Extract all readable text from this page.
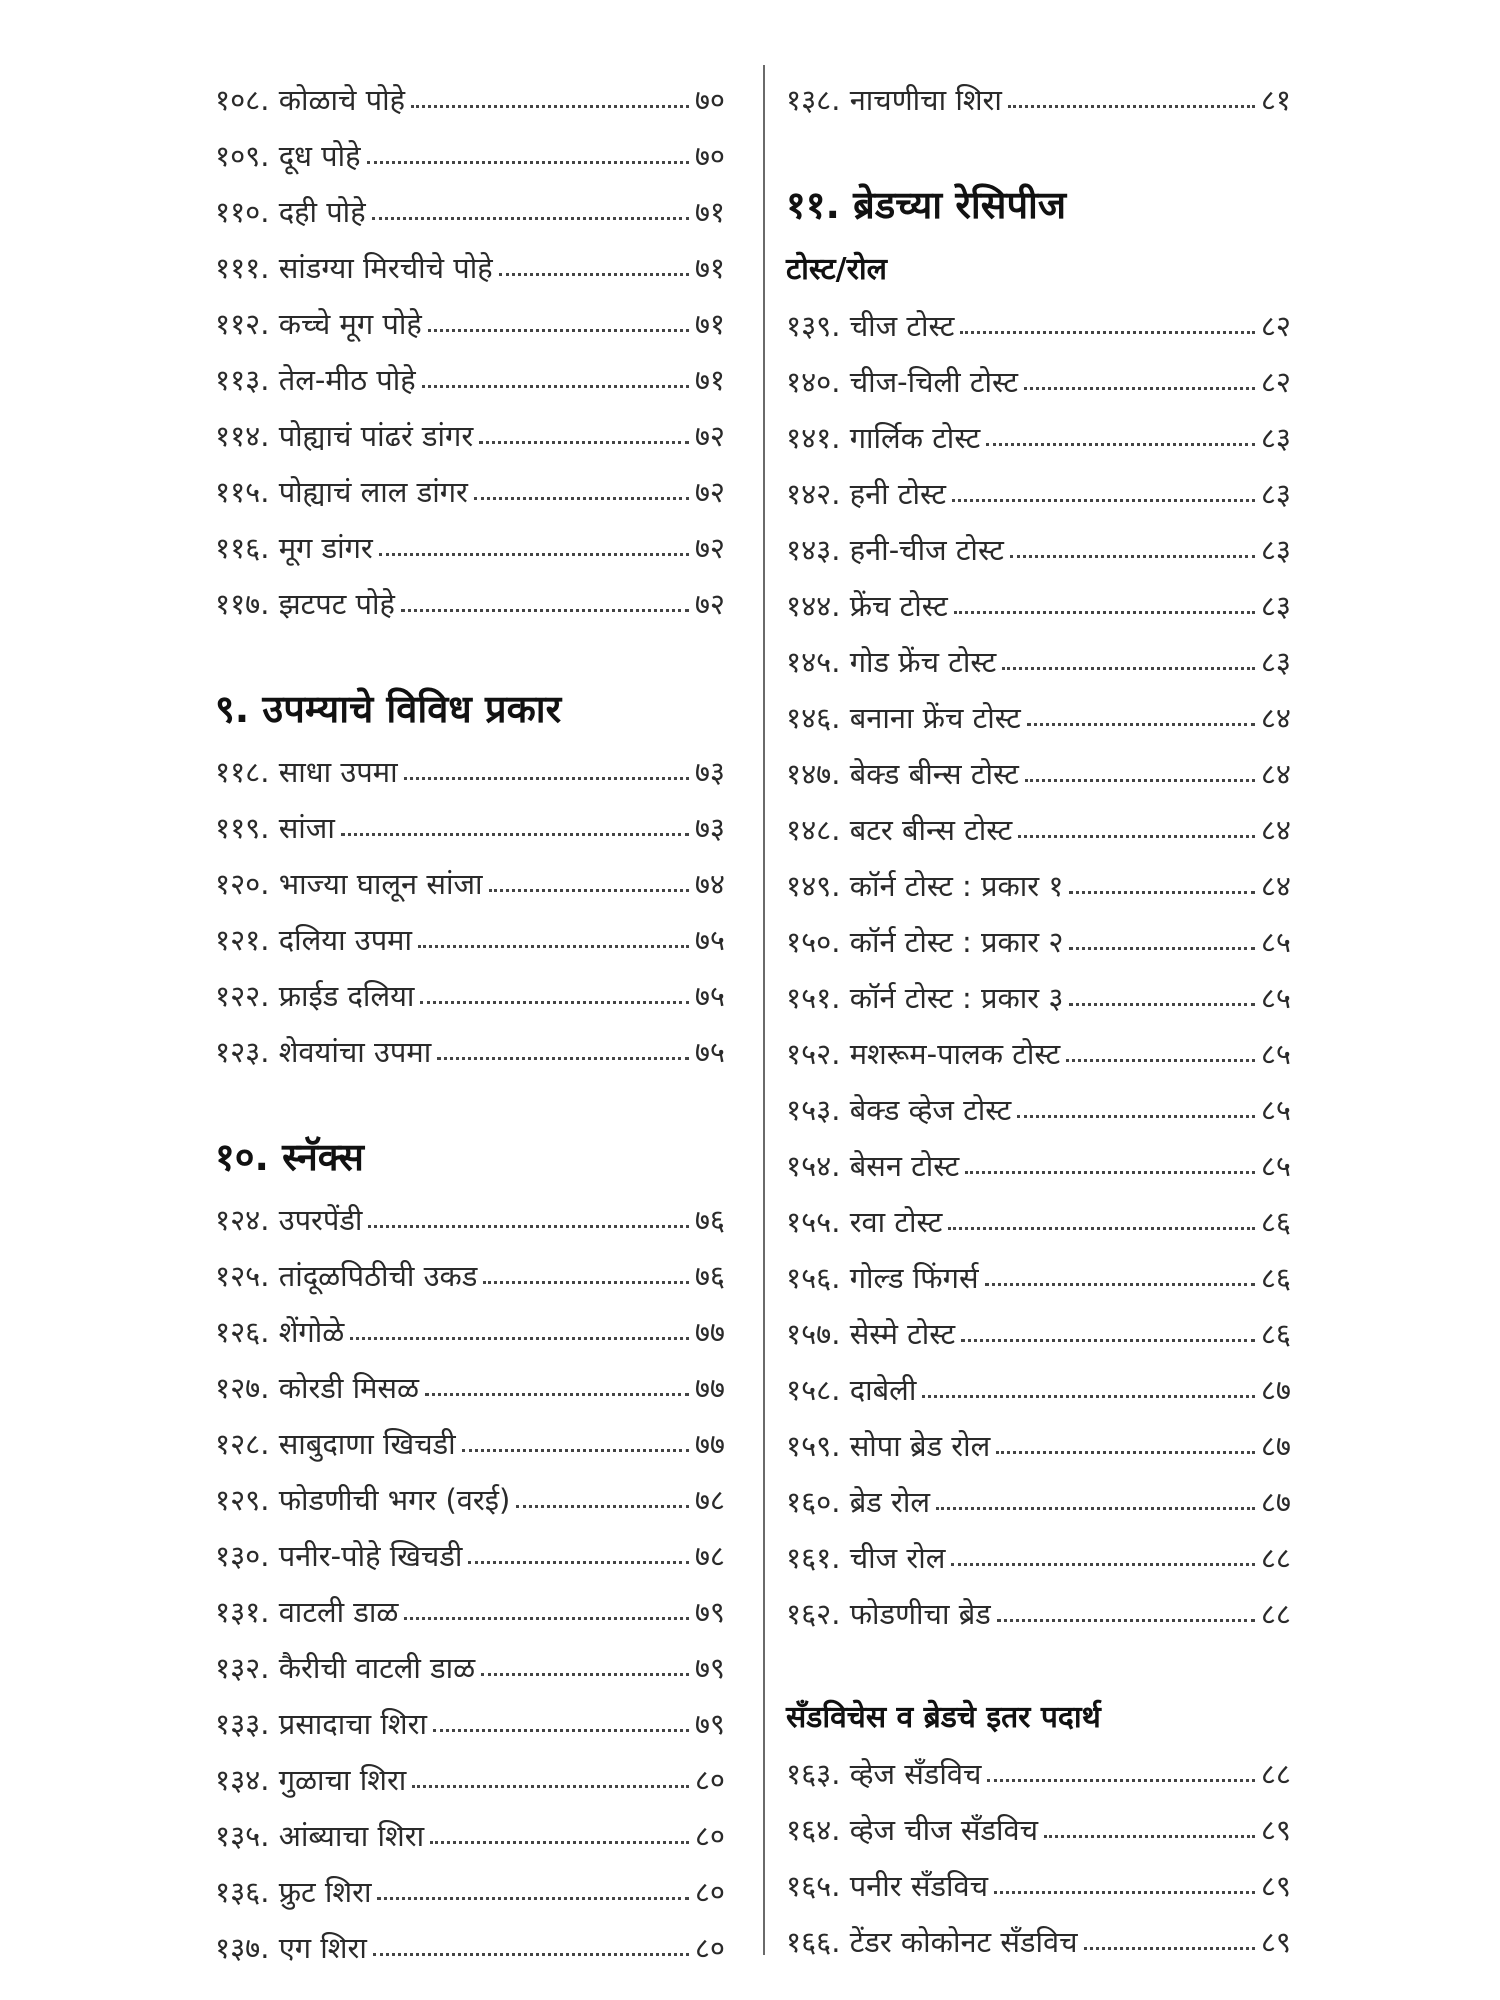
१०८. कोळाचे पोहे	७०
१०९. दूध पोहे	७०
११०. दही पोहे	७१
१११. सांडग्या मिरचीचे पोहे	७१
११२. कच्चे मूग पोहे	७१
११३. तेल-मीठ पोहे	७१
११४. पोह्याचं पांढरं डांगर	७२
११५. पोह्याचं लाल डांगर	७२
११६. मूग डांगर	७२
११७. झटपट पोहे	७२
९. उपम्याचे विविध प्रकार
११८. साधा उपमा	७३
११९. सांजा	७३
१२०. भाज्या घालून सांजा	७४
१२१. दलिया उपमा	७५
१२२. फ्राईड दलिया	७५
१२३. शेवयांचा उपमा	७५
१०. स्नॅक्स
१२४. उपरपेंडी	७६
१२५. तांदूळपिठीची उकड	७६
१२६. शेंगोळे	७७
१२७. कोरडी मिसळ	७७
१२८. साबुदाणा खिचडी	७७
१२९. फोडणीची भगर (वरई)	७८
१३०. पनीर-पोहे खिचडी	७८
१३१. वाटली डाळ	७९
१३२. कैरीची वाटली डाळ	७९
१३३. प्रसादाचा शिरा	७९
१३४. गुळाचा शिरा	८०
१३५. आंब्याचा शिरा	८०
१३६. फ्रुट शिरा	८०
१३७. एग शिरा	८०
१३८. नाचणीचा शिरा	८१
११. ब्रेडच्या रेसिपीज
टोस्ट/रोल
१३९. चीज टोस्ट	८२
१४०. चीज-चिली टोस्ट	८२
१४१. गार्लिक टोस्ट	८३
१४२. हनी टोस्ट	८३
१४३. हनी-चीज टोस्ट	८३
१४४. फ्रेंच टोस्ट	८३
१४५. गोड फ्रेंच टोस्ट	८३
१४६. बनाना फ्रेंच टोस्ट	८४
१४७. बेक्ड बीन्स टोस्ट	८४
१४८. बटर बीन्स टोस्ट	८४
१४९. कॉर्न टोस्ट : प्रकार १	८४
१५०. कॉर्न टोस्ट : प्रकार २	८५
१५१. कॉर्न टोस्ट : प्रकार ३	८५
१५२. मशरूम-पालक टोस्ट	८५
१५३. बेक्ड व्हेज टोस्ट	८५
१५४. बेसन टोस्ट	८५
१५५. रवा टोस्ट	८६
१५६. गोल्ड फिंगर्स	८६
१५७. सेस्मे टोस्ट	८६
१५८. दाबेली	८७
१५९. सोपा ब्रेड रोल	८७
१६०. ब्रेड रोल	८७
१६१. चीज रोल	८८
१६२. फोडणीचा ब्रेड	८८
सँडविचेस व ब्रेडचे इतर पदार्थ
१६३. व्हेज सँडविच	८८
१६४. व्हेज चीज सँडविच	८९
१६५. पनीर सँडविच	८९
१६६. टेंडर कोकोनट सँडविच	८९
